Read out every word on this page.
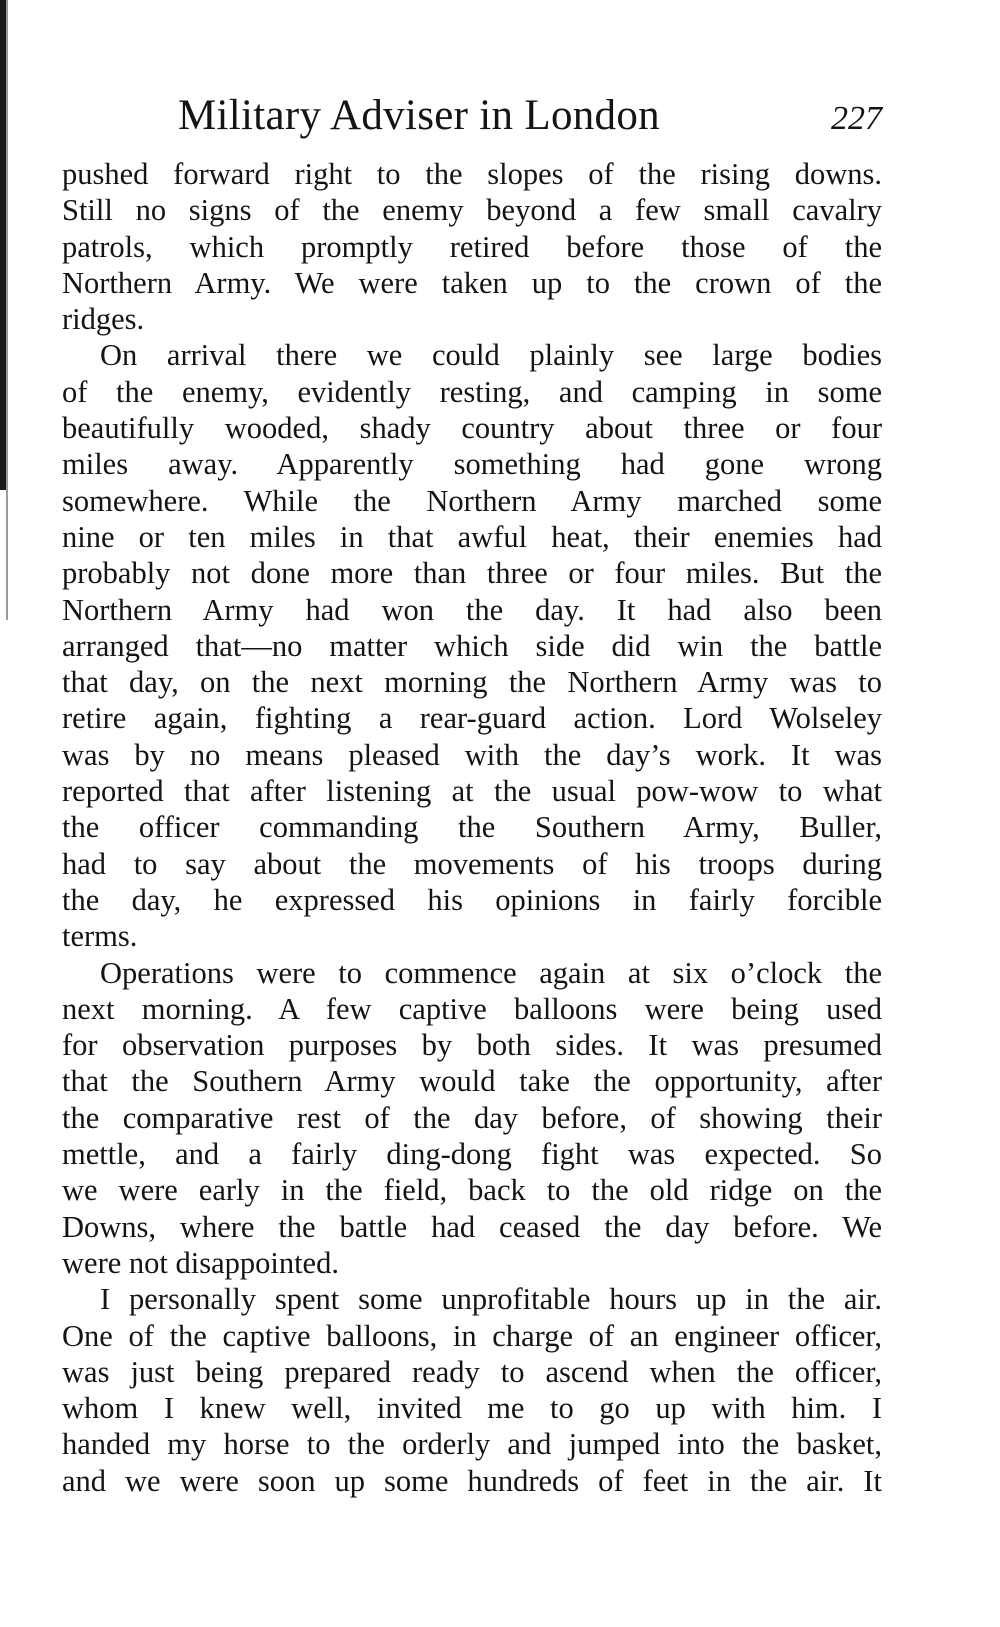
Military Adviser in London	227
pushed forward right to the slopes of the rising downs.
Still no signs of the enemy beyond a few small cavalry
patrols, which promptly retired before those of the
Northern Army. We were taken up to the crown of the
ridges.
On arrival there we could plainly see large bodies
of the enemy, evidently resting, and camping in some
beautifully wooded, shady country about three or four
miles away. Apparently something had gone wrong
somewhere. While the Northern Army marched some
nine or ten miles in that awful heat, their enemies had
probably not done more than three or four miles. But the
Northern Army had won the day. It had also been
arranged that—no matter which side did win the battle
that day, on the next morning the Northern Army was to
retire again, fighting a rear-guard action. Lord Wolseley
was by no means pleased with the day’s work. It was
reported that after listening at the usual pow-wow to what
the officer commanding the Southern Army, Buller,
had to say about the movements of his troops during
the day, he expressed his opinions in fairly forcible
terms.
Operations were to commence again at six o’clock the
next morning. A few captive balloons were being used
for observation purposes by both sides. It was presumed
that the Southern Army would take the opportunity, after
the comparative rest of the day before, of showing their
mettle, and a fairly ding-dong fight was expected. So
we were early in the field, back to the old ridge on the
Downs, where the battle had ceased the day before. We
were not disappointed.
I personally spent some unprofitable hours up in the air.
One of the captive balloons, in charge of an engineer officer,
was just being prepared ready to ascend when the officer,
whom I knew well, invited me to go up with him. I
handed my horse to the orderly and jumped into the basket,
and we were soon up some hundreds of feet in the air. It
